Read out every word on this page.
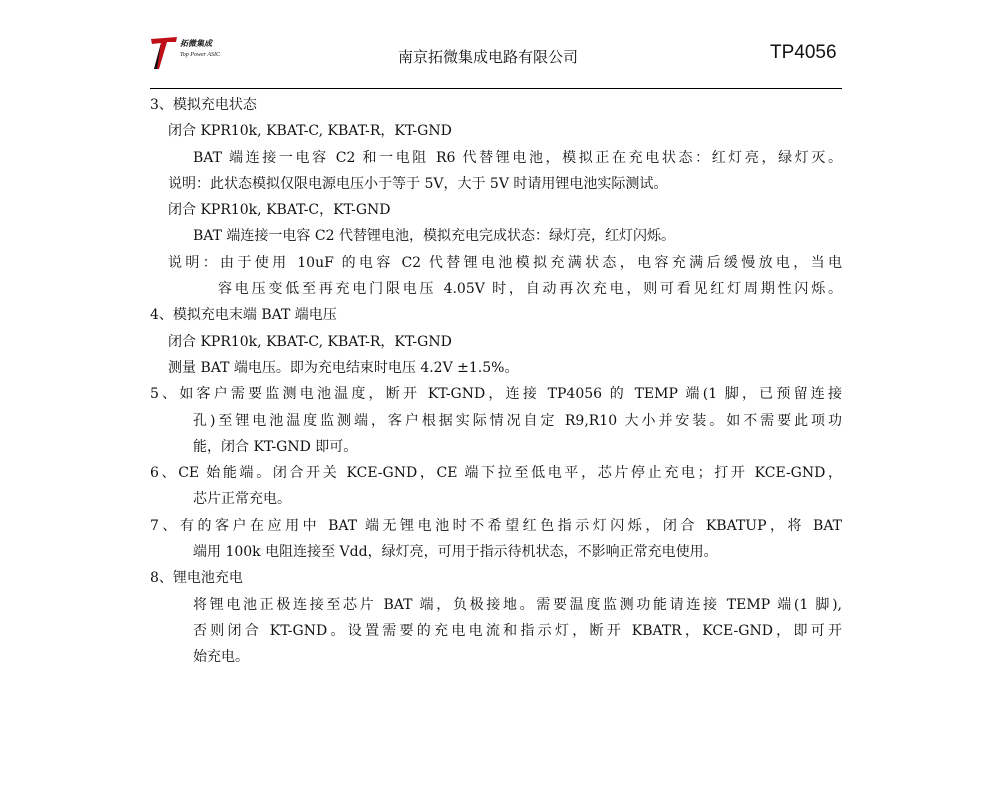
拓微集成
Top Power ASIC	南京拓微集成电路有限公司	TP4056
3、模拟充电状态
闭合 KPR10k, KBAT-C, KBAT-R，KT-GND
BAT 端连接一电容 C2 和一电阻 R6 代替锂电池，模拟正在充电状态：红灯亮，绿灯灭。
说明：此状态模拟仅限电源电压小于等于 5V，大于 5V 时请用锂电池实际测试。
闭合 KPR10k, KBAT-C，KT-GND
BAT 端连接一电容 C2 代替锂电池，模拟充电完成状态：绿灯亮，红灯闪烁。
说明：由于使用 10uF 的电容 C2 代替锂电池模拟充满状态，电容充满后缓慢放电，当电
容电压变低至再充电门限电压 4.05V 时，自动再次充电，则可看见红灯周期性闪烁。
4、模拟充电末端 BAT 端电压
闭合 KPR10k, KBAT-C, KBAT-R，KT-GND
测量 BAT 端电压。即为充电结束时电压 4.2V ±1.5%。
5、如客户需要监测电池温度，断开 KT-GND，连接 TP4056 的 TEMP 端(1 脚，已预留连接
孔)至锂电池温度监测端，客户根据实际情况自定 R9,R10 大小并安装。如不需要此项功
能，闭合 KT-GND 即可。
6、CE 始能端。闭合开关 KCE-GND，CE 端下拉至低电平，芯片停止充电；打开 KCE-GND，
芯片正常充电。
7、有的客户在应用中 BAT 端无锂电池时不希望红色指示灯闪烁，闭合 KBATUP，将 BAT
端用 100k 电阻连接至 Vdd，绿灯亮，可用于指示待机状态，不影响正常充电使用。
8、锂电池充电
将锂电池正极连接至芯片 BAT 端，负极接地。需要温度监测功能请连接 TEMP 端(1 脚),
否则闭合 KT-GND。设置需要的充电电流和指示灯，断开 KBATR，KCE-GND，即可开
始充电。
